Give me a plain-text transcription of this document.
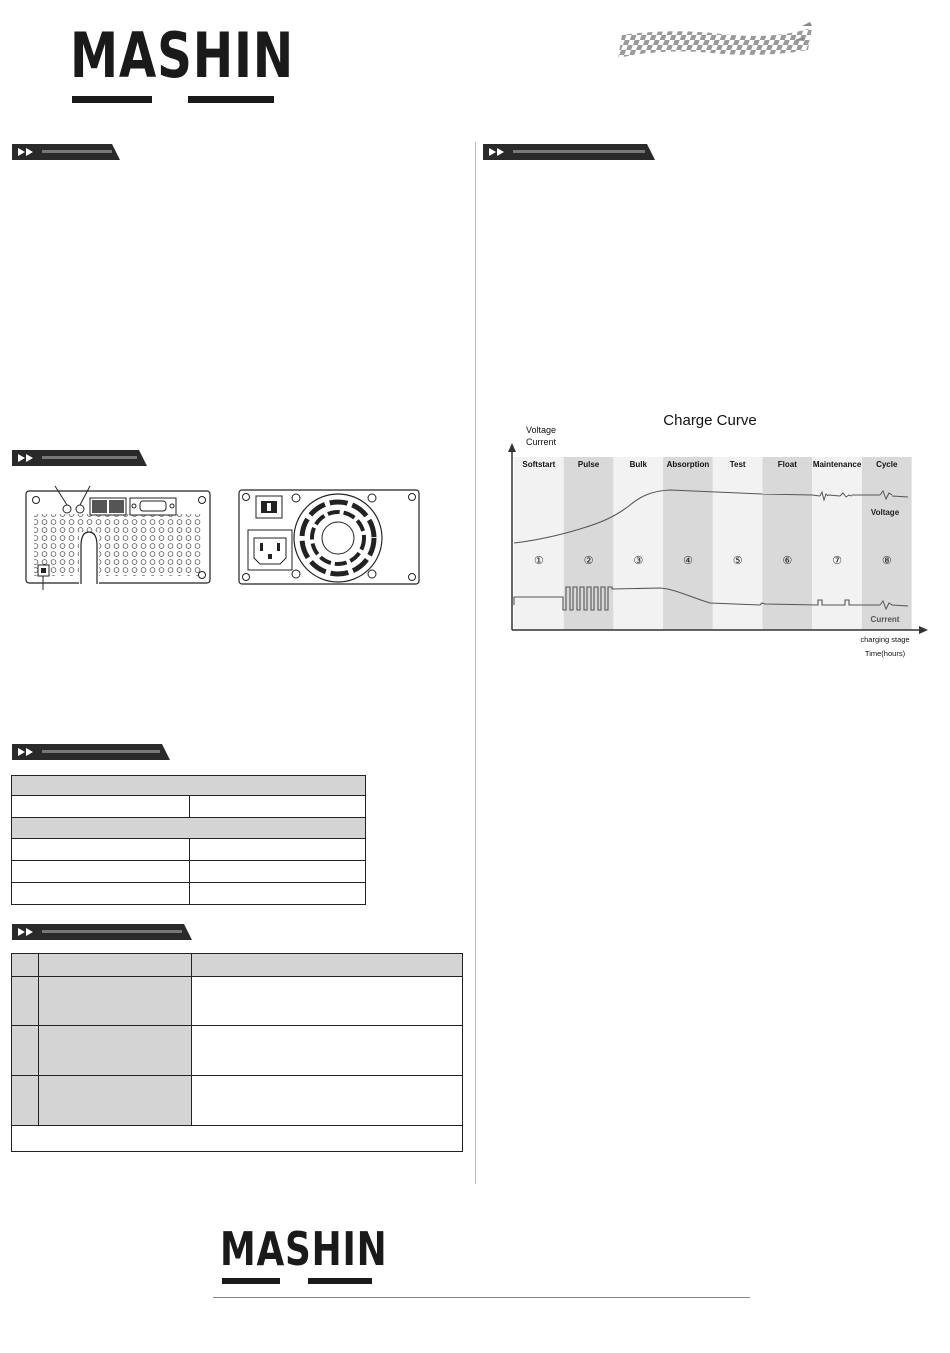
MASHIN

Charge Curve
Voltage
Current
Softstart	Pulse	Bulk Absorption	Test	Float Maintenance Cycle
①	②	③	④	⑤	⑥	⑦	⑧
Voltage
Current
charging stage
Time(hours)
MASHIN
